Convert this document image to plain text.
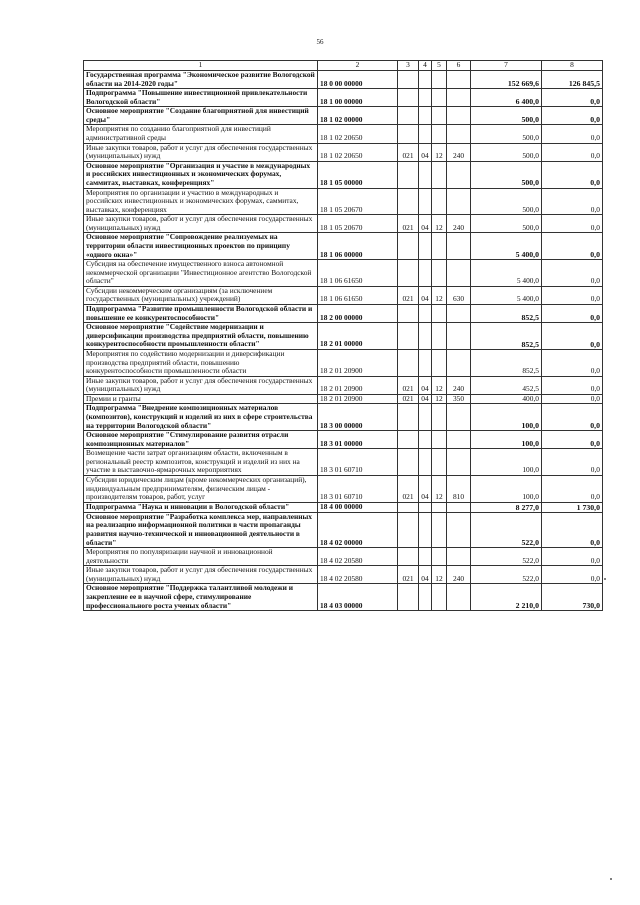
56
1	2	3	4	5	6	7	8
Государственная программа "Экономическое развитие Вологодской области на 2014-2020 годы"	18 0 00 00000					152 669,6	126 845,5
Подпрограмма "Повышение инвестиционной привлекательности Вологодской области"	18 1 00 00000					6 400,0	0,0
Основное мероприятие "Создание благоприятной для инвестиций среды"	18 1 02 00000					500,0	0,0
Мероприятия по созданию благоприятной для инвестиций административной среды	18 1 02 20650					500,0	0,0
Иные закупки товаров, работ и услуг для обеспечения государственных (муниципальных) нужд	18 1 02 20650	021	04	12	240	500,0	0,0
Основное мероприятие "Организация и участие в международных и российских инвестиционных и экономических форумах, саммитах, выставках, конференциях"	18 1 05 00000					500,0	0,0
Мероприятия по организации и участию в международных и российских инвестиционных и экономических форумах, саммитах, выставках, конференциях	18 1 05 20670					500,0	0,0
Иные закупки товаров, работ и услуг для обеспечения государственных (муниципальных) нужд	18 1 05 20670	021	04	12	240	500,0	0,0
Основное мероприятие "Сопровождение реализуемых на территории области инвестиционных проектов по принципу «одного окна»"	18 1 06 00000					5 400,0	0,0
Субсидия на обеспечение имущественного взноса автономной некоммерческой организации "Инвестиционное агентство Вологодской области"	18 1 06 61650					5 400,0	0,0
Субсидии некоммерческим организациям (за исключением государственных (муниципальных) учреждений)	18 1 06 61650	021	04	12	630	5 400,0	0,0
Подпрограмма "Развитие промышленности Вологодской области и повышение ее конкурентоспособности"	18 2 00 00000					852,5	0,0
Основное мероприятие "Содействие модернизации и диверсификации производства предприятий области, повышению конкурентоспособности промышленности области"	18 2 01 00000					852,5	0,0
Мероприятия по содействию модернизации и диверсификации производства предприятий области, повышению конкурентоспособности промышленности области	18 2 01 20900					852,5	0,0
Иные закупки товаров, работ и услуг для обеспечения государственных (муниципальных) нужд	18 2 01 20900	021	04	12	240	452,5	0,0
Премии и гранты	18 2 01 20900	021	04	12	350	400,0	0,0
Подпрограмма "Внедрение композиционных материалов (композитов), конструкций и изделий из них в сфере строительства на территории Вологодской области"	18 3 00 00000					100,0	0,0
Основное мероприятие "Стимулирование развития отрасли композиционных материалов"	18 3 01 00000					100,0	0,0
Возмещение части затрат организациям области, включенным в региональный реестр композитов, конструкций и изделий из них на участие в выставочно-ярмарочных мероприятиях	18 3 01 60710					100,0	0,0
Субсидии юридическим лицам (кроме некоммерческих организаций), индивидуальным предпринимателям, физическим лицам - производителям товаров, работ, услуг	18 3 01 60710	021	04	12	810	100,0	0,0
Подпрограмма "Наука и инновации в Вологодской области"	18 4 00 00000					8 277,0	1 730,0
Основное мероприятие "Разработка комплекса мер, направленных на реализацию информационной политики в части пропаганды развития научно-технической и инновационной деятельности в области"	18 4 02 00000					522,0	0,0
Мероприятия по популяризации научной и инновационной деятельности	18 4 02 20580					522,0	0,0
Иные закупки товаров, работ и услуг для обеспечения государственных (муниципальных) нужд	18 4 02 20580	021	04	12	240	522,0	0,0
Основное мероприятие "Поддержка талантливой молодежи и закрепление ее в научной сфере, стимулирование профессионального роста ученых области"	18 4 03 00000					2 210,0	730,0
